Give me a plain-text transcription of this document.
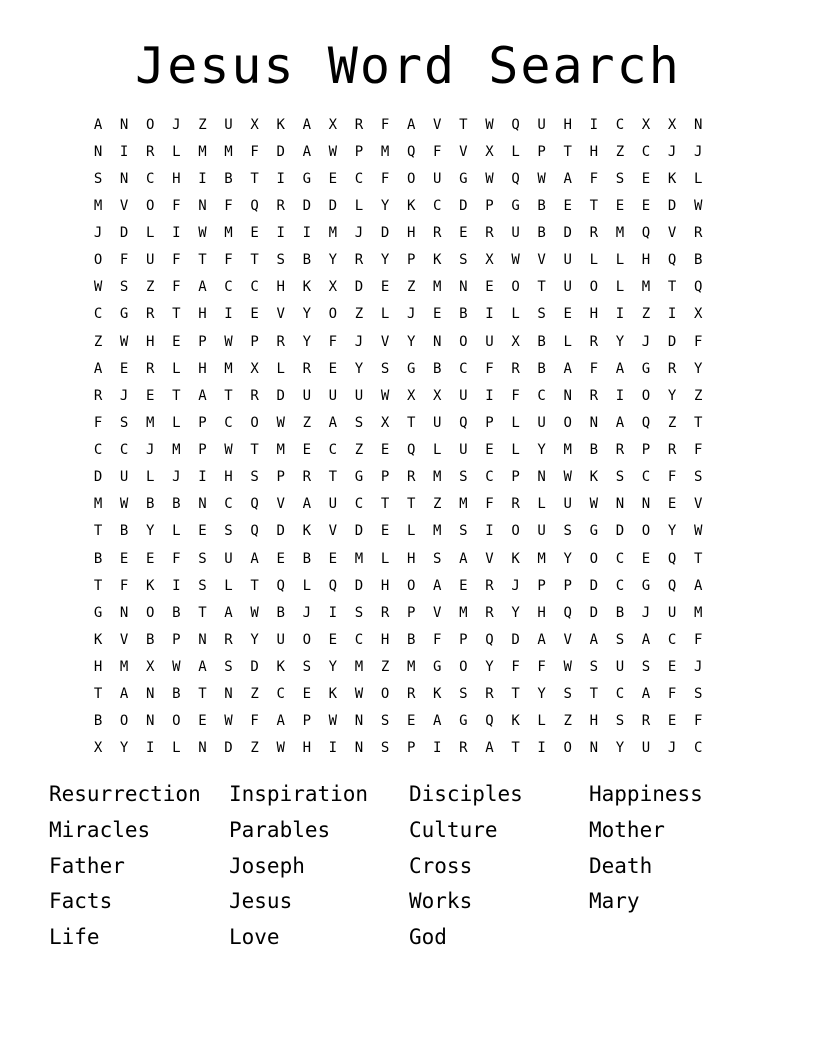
Jesus Word Search
A	N	O	J	Z	U	X	K	A	X	R	F	A	V	T	W	Q	U	H	I	C	X	X	N
N	I	R	L	M	M	F	D	A	W	P	M	Q	F	V	X	L	P	T	H	Z	C	J	J
S	N	C	H	I	B	T	I	G	E	C	F	O	U	G	W	Q	W	A	F	S	E	K	L
M	V	O	F	N	F	Q	R	D	D	L	Y	K	C	D	P	G	B	E	T	E	E	D	W
J	D	L	I	W	M	E	I	I	M	J	D	H	R	E	R	U	B	D	R	M	Q	V	R
O	F	U	F	T	F	T	S	B	Y	R	Y	P	K	S	X	W	V	U	L	L	H	Q	B
W	S	Z	F	A	C	C	H	K	X	D	E	Z	M	N	E	O	T	U	O	L	M	T	Q
C	G	R	T	H	I	E	V	Y	O	Z	L	J	E	B	I	L	S	E	H	I	Z	I	X
Z	W	H	E	P	W	P	R	Y	F	J	V	Y	N	O	U	X	B	L	R	Y	J	D	F
A	E	R	L	H	M	X	L	R	E	Y	S	G	B	C	F	R	B	A	F	A	G	R	Y
R	J	E	T	A	T	R	D	U	U	U	W	X	X	U	I	F	C	N	R	I	O	Y	Z
F	S	M	L	P	C	O	W	Z	A	S	X	T	U	Q	P	L	U	O	N	A	Q	Z	T
C	C	J	M	P	W	T	M	E	C	Z	E	Q	L	U	E	L	Y	M	B	R	P	R	F
D	U	L	J	I	H	S	P	R	T	G	P	R	M	S	C	P	N	W	K	S	C	F	S
M	W	B	B	N	C	Q	V	A	U	C	T	T	Z	M	F	R	L	U	W	N	N	E	V
T	B	Y	L	E	S	Q	D	K	V	D	E	L	M	S	I	O	U	S	G	D	O	Y	W
B	E	E	F	S	U	A	E	B	E	M	L	H	S	A	V	K	M	Y	O	C	E	Q	T
T	F	K	I	S	L	T	Q	L	Q	D	H	O	A	E	R	J	P	P	D	C	G	Q	A
G	N	O	B	T	A	W	B	J	I	S	R	P	V	M	R	Y	H	Q	D	B	J	U	M
K	V	B	P	N	R	Y	U	O	E	C	H	B	F	P	Q	D	A	V	A	S	A	C	F
H	M	X	W	A	S	D	K	S	Y	M	Z	M	G	O	Y	F	F	W	S	U	S	E	J
T	A	N	B	T	N	Z	C	E	K	W	O	R	K	S	R	T	Y	S	T	C	A	F	S
B	O	N	O	E	W	F	A	P	W	N	S	E	A	G	Q	K	L	Z	H	S	R	E	F
X	Y	I	L	N	D	Z	W	H	I	N	S	P	I	R	A	T	I	O	N	Y	U	J	C
Resurrection	Inspiration	Disciples	Happiness
Miracles	Parables	Culture	Mother
Father	Joseph	Cross	Death
Facts	Jesus	Works	Mary
Life	Love	God
